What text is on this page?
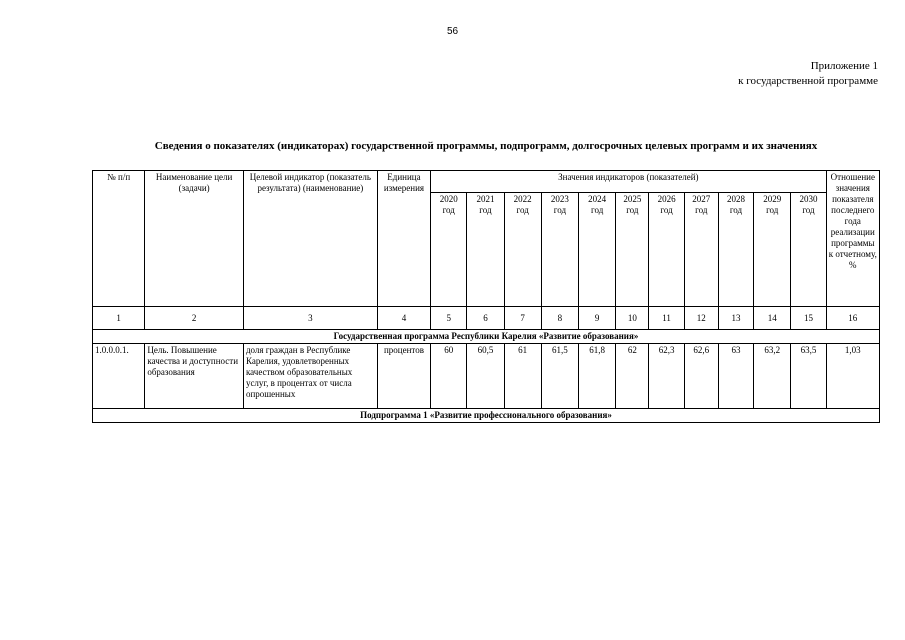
56
Приложение 1
к государственной программе
Сведения о показателях (индикаторах) государственной программы, подпрограмм, долгосрочных целевых программ и их значениях
№ п/п	Наименование цели (задачи)	Целевой индикатор (показатель результата) (наименование)	Единица измерения	Значения индикаторов (показателей)											Отношение значения показателя последнего года реализации программы к отчетному, %
				2020 год	2021 год	2022 год	2023 год	2024 год	2025 год	2026 год	2027 год	2028 год	2029 год	2030 год	
1	2	3	4	5	6	7	8	9	10	11	12	13	14	15	16
Государственная программа Республики Карелия «Развитие образования»															
1.0.0.0.1.	Цель. Повышение качества и доступности образования	доля граждан в Республике Карелия, удовлетворенных качеством образовательных услуг, в процентах от числа опрошенных	процентов	60	60,5	61	61,5	61,8	62	62,3	62,6	63	63,2	63,5	1,03
Подпрограмма 1 «Развитие профессионального образования»															
